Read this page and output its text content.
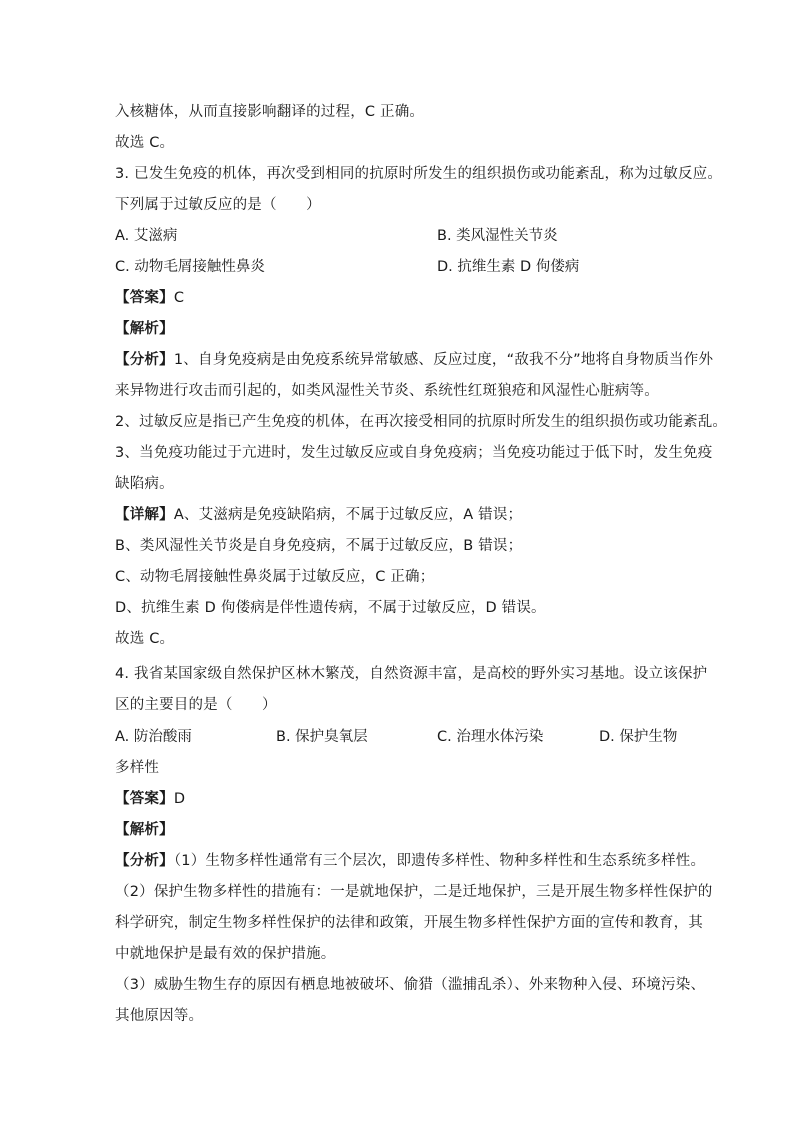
入核糖体，从而直接影响翻译的过程，C 正确。
故选 C。
3. 已发生免疫的机体，再次受到相同的抗原时所发生的组织损伤或功能紊乱，称为过敏反应。
下列属于过敏反应的是（　　）
A. 艾滋病	B. 类风湿性关节炎
C. 动物毛屑接触性鼻炎	D. 抗维生素 D 佝偻病
【答案】C
【解析】
【分析】1、自身免疫病是由免疫系统异常敏感、反应过度，“敌我不分”地将自身物质当作外
来异物进行攻击而引起的，如类风湿性关节炎、系统性红斑狼疮和风湿性心脏病等。
2、过敏反应是指已产生免疫的机体，在再次接受相同的抗原时所发生的组织损伤或功能紊乱。
3、当免疫功能过于亢进时，发生过敏反应或自身免疫病；当免疫功能过于低下时，发生免疫
缺陷病。
【详解】A、艾滋病是免疫缺陷病，不属于过敏反应，A 错误；
B、类风湿性关节炎是自身免疫病，不属于过敏反应，B 错误；
C、动物毛屑接触性鼻炎属于过敏反应，C 正确；
D、抗维生素 D 佝偻病是伴性遗传病，不属于过敏反应，D 错误。
故选 C。
4. 我省某国家级自然保护区林木繁茂，自然资源丰富，是高校的野外实习基地。设立该保护
区的主要目的是（　　）
A. 防治酸雨	B. 保护臭氧层	C. 治理水体污染	D. 保护生物
多样性
【答案】D
【解析】
【分析】（1）生物多样性通常有三个层次，即遗传多样性、物种多样性和生态系统多样性。
（2）保护生物多样性的措施有：一是就地保护，二是迁地保护，三是开展生物多样性保护的
科学研究，制定生物多样性保护的法律和政策，开展生物多样性保护方面的宣传和教育，其
中就地保护是最有效的保护措施。
（3）威胁生物生存的原因有栖息地被破坏、偷猎（滥捕乱杀）、外来物种入侵、环境污染、
其他原因等。
